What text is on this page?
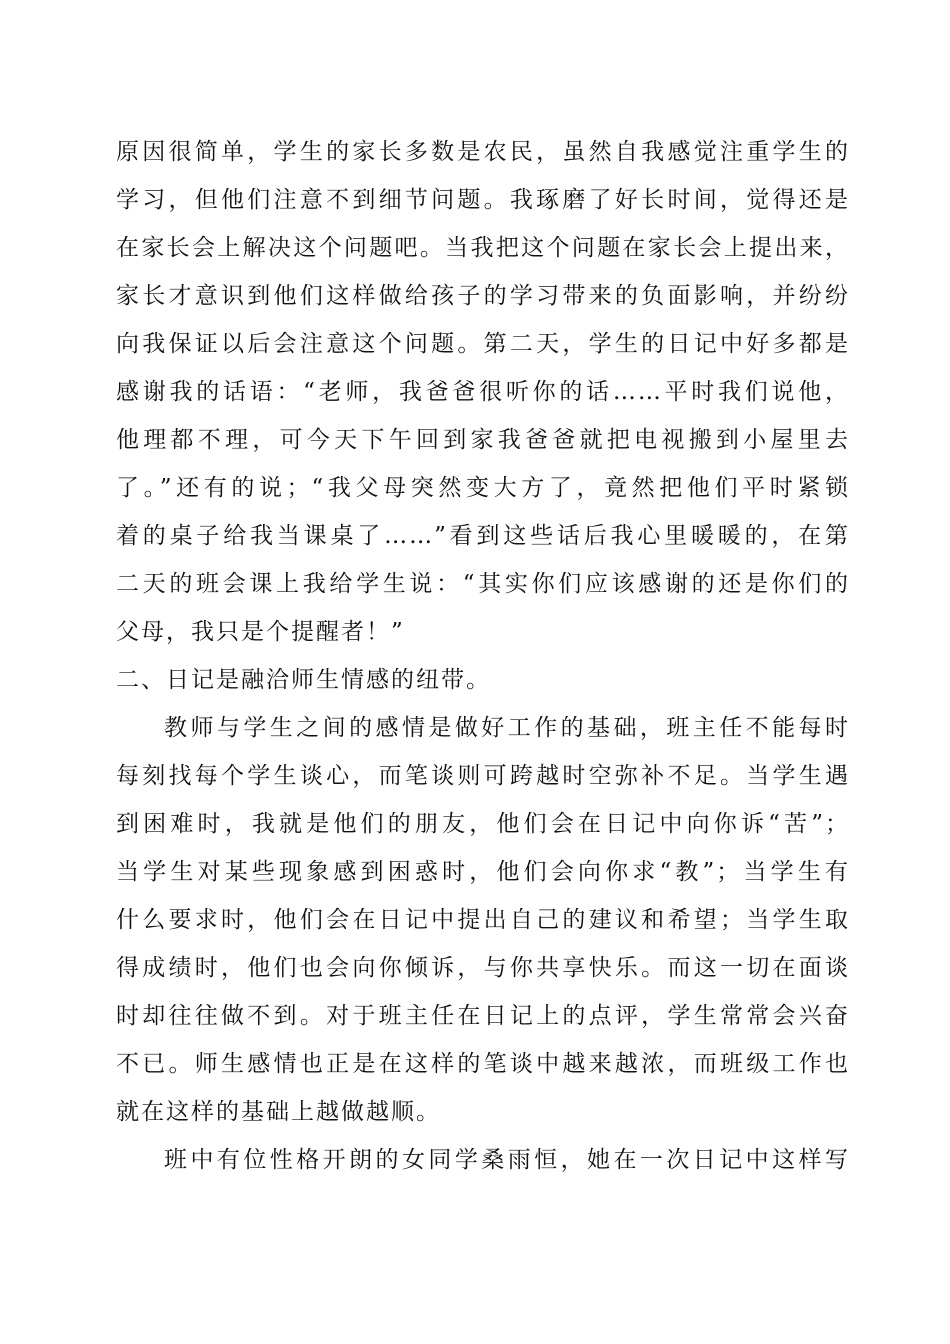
原因很简单，学生的家长多数是农民，虽然自我感觉注重学生的
学习，但他们注意不到细节问题。我琢磨了好长时间，觉得还是
在家长会上解决这个问题吧。当我把这个问题在家长会上提出来，
家长才意识到他们这样做给孩子的学习带来的负面影响，并纷纷
向我保证以后会注意这个问题。第二天，学生的日记中好多都是
感谢我的话语：“老师，我爸爸很听你的话……平时我们说他，
他理都不理，可今天下午回到家我爸爸就把电视搬到小屋里去
了。”还有的说；“我父母突然变大方了，竟然把他们平时紧锁
着的桌子给我当课桌了……”看到这些话后我心里暖暖的，在第
二天的班会课上我给学生说：“其实你们应该感谢的还是你们的
父母，我只是个提醒者！”
二、日记是融洽师生情感的纽带。
教师与学生之间的感情是做好工作的基础，班主任不能每时
每刻找每个学生谈心，而笔谈则可跨越时空弥补不足。当学生遇
到困难时，我就是他们的朋友，他们会在日记中向你诉“苦”；
当学生对某些现象感到困惑时，他们会向你求“教”；当学生有
什么要求时，他们会在日记中提出自己的建议和希望；当学生取
得成绩时，他们也会向你倾诉，与你共享快乐。而这一切在面谈
时却往往做不到。对于班主任在日记上的点评，学生常常会兴奋
不已。师生感情也正是在这样的笔谈中越来越浓，而班级工作也
就在这样的基础上越做越顺。
班中有位性格开朗的女同学桑雨恒，她在一次日记中这样写
